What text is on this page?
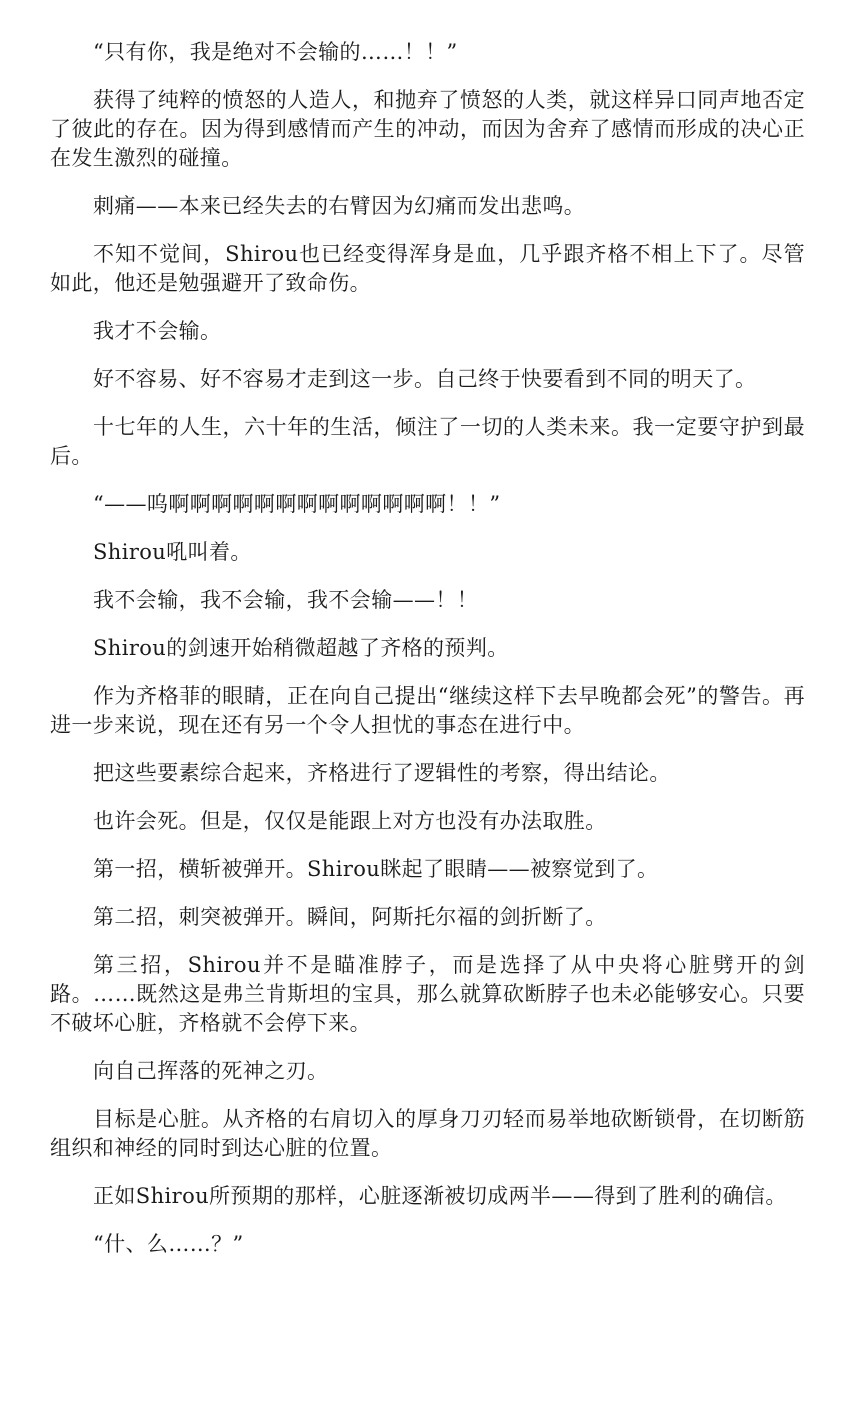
“只有你，我是绝对不会输的……！！”

获得了纯粹的愤怒的人造人，和抛弃了愤怒的人类，就这样异口同声地否定了彼此的存在。因为得到感情而产生的冲动，而因为舍弃了感情而形成的决心正在发生激烈的碰撞。

刺痛——本来已经失去的右臂因为幻痛而发出悲鸣。

不知不觉间，Shirou也已经变得浑身是血，几乎跟齐格不相上下了。尽管如此，他还是勉强避开了致命伤。

我才不会输。

好不容易、好不容易才走到这一步。自己终于快要看到不同的明天了。

十七年的人生，六十年的生活，倾注了一切的人类未来。我一定要守护到最后。

“——呜啊啊啊啊啊啊啊啊啊啊啊啊啊！！”

Shirou吼叫着。

我不会输，我不会输，我不会输——！！

Shirou的剑速开始稍微超越了齐格的预判。

作为齐格菲的眼睛，正在向自己提出“继续这样下去早晚都会死”的警告。再进一步来说，现在还有另一个令人担忧的事态在进行中。

把这些要素综合起来，齐格进行了逻辑性的考察，得出结论。

也许会死。但是，仅仅是能跟上对方也没有办法取胜。

第一招，横斩被弹开。Shirou眯起了眼睛——被察觉到了。

第二招，刺突被弹开。瞬间，阿斯托尔福的剑折断了。

第三招，Shirou并不是瞄准脖子，而是选择了从中央将心脏劈开的剑路。……既然这是弗兰肯斯坦的宝具，那么就算砍断脖子也未必能够安心。只要不破坏心脏，齐格就不会停下来。

向自己挥落的死神之刃。

目标是心脏。从齐格的右肩切入的厚身刀刃轻而易举地砍断锁骨，在切断筋组织和神经的同时到达心脏的位置。

正如Shirou所预期的那样，心脏逐渐被切成两半——得到了胜利的确信。

“什、么……？”
